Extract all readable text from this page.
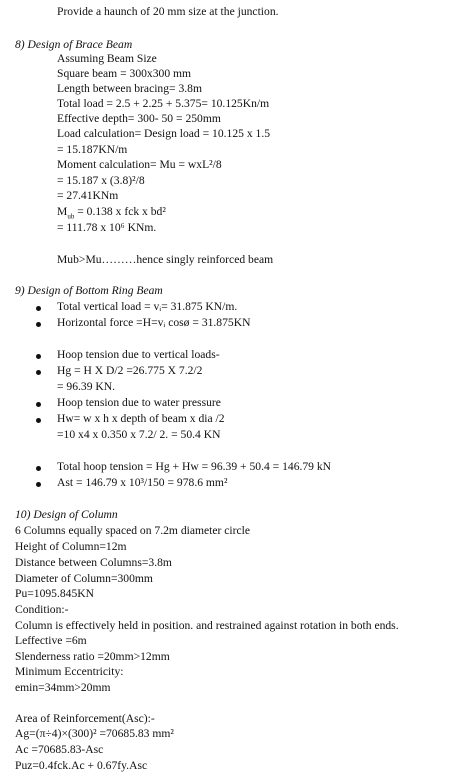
Provide a haunch of 20 mm size at the junction.
8) Design of Brace Beam
Assuming Beam Size
Square beam = 300x300 mm
Length between bracing= 3.8m
Total load = 2.5 + 2.25 + 5.375= 10.125Kn/m
Effective depth= 300- 50 = 250mm
Load calculation= Design load = 10.125 x 1.5
= 15.187KN/m
Moment calculation= Mu = wxL²/8
= 15.187 x (3.8)²/8
= 27.41KNm
$M_{ub} = 0.138$ x fck x bd²
= 111.78 x 10⁶ KNm.
Mub>Mu………hence singly reinforced beam
9) Design of Bottom Ring Beam
Total vertical load = vᵢ= 31.875 KN/m.
Horizontal force =H=vᵢ cosø = 31.875KN
Hoop tension due to vertical loads-
Hg = H X D/2 =26.775 X 7.2/2
= 96.39 KN.
Hoop tension due to water pressure
Hw= w x h x depth of beam x dia /2
=10 x4 x 0.350 x 7.2/ 2. = 50.4 KN
Total hoop tension = Hg + Hw = 96.39 + 50.4 = 146.79 kN
Ast = 146.79 x 10³/150 = 978.6 mm²
10) Design of Column
6 Columns equally spaced on 7.2m diameter circle
Height of Column=12m
Distance between Columns=3.8m
Diameter of Column=300mm
Pu=1095.845KN
Condition:-
Column is effectively held in position. and restrained against rotation in both ends.
Leffective =6m
Slenderness ratio =20mm>12mm
Minimum Eccentricity:
emin=34mm>20mm
Area of Reinforcement(Asc):-
Ag=(π÷4)×(300)² =70685.83 mm²
Ac =70685.83-Asc
Puz=0.4fck.Ac + 0.67fy.Asc
